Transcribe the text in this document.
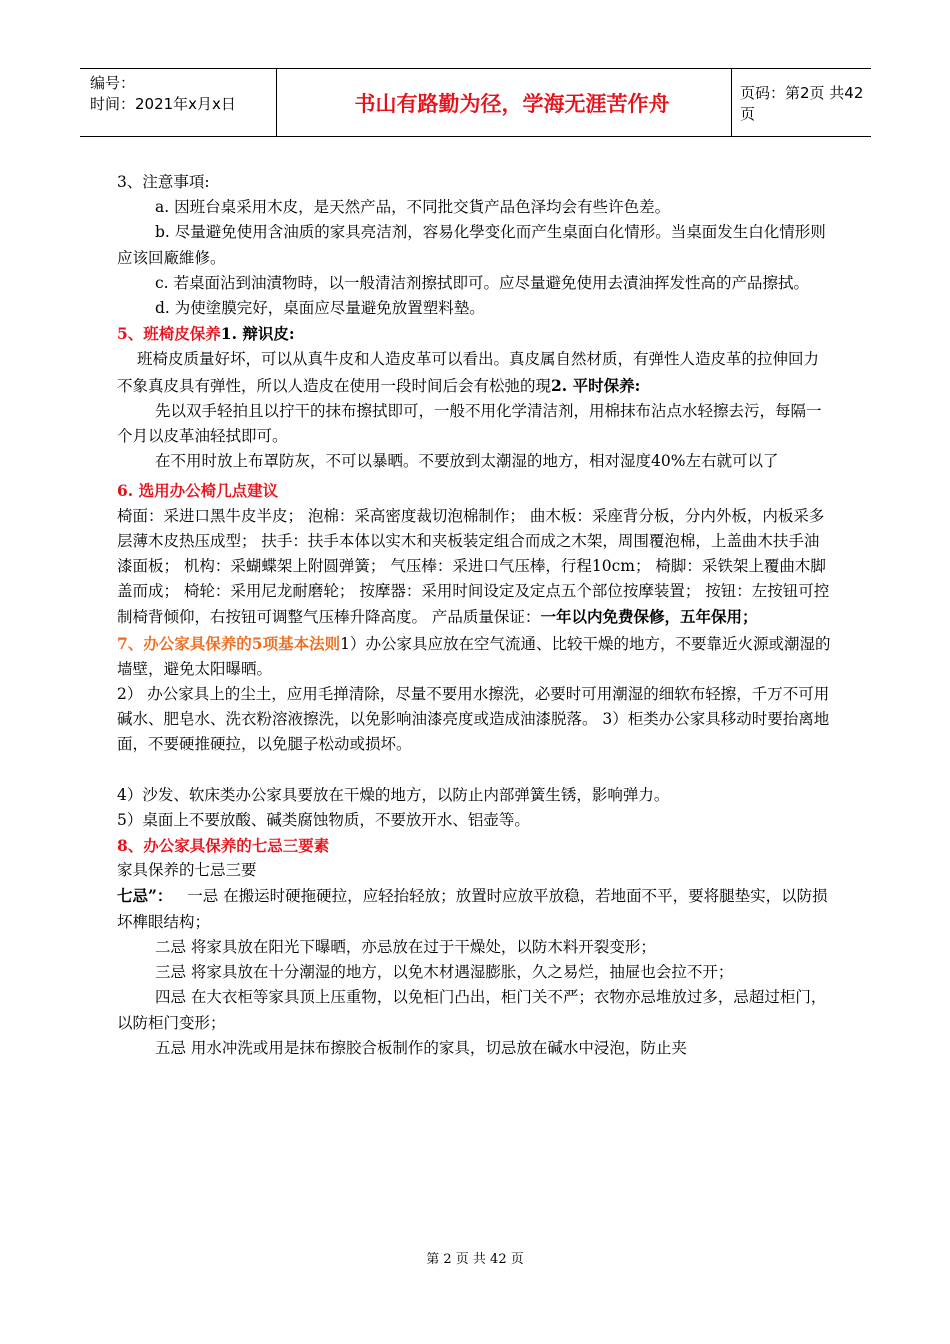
编号：
时间：2021年x月x日	书山有路勤为径，学海无涯苦作舟	页码：第2页 共42页

3、注意事項:

a. 因班台桌采用木皮，是天然产品，不同批交貨产品色泽均会有些许色差。

b. 尽量避免使用含油质的家具亮洁剂，容易化學变化而产生桌面白化情形。当桌面发生白化情形则应该回廠維修。

c. 若桌面沾到油漬物時，以一般清洁剂擦拭即可。应尽量避免使用去漬油挥发性高的产品擦拭。

d. 为使塗膜完好，桌面应尽量避免放置塑料墊。

5、班椅皮保养1. 辩识皮:

班椅皮质量好坏，可以从真牛皮和人造皮革可以看出。真皮属自然材质，有弹性人造皮革的拉伸回力不象真皮具有弹性，所以人造皮在使用一段时间后会有松弛的現2. 平时保养:

先以双手轻拍且以拧干的抹布擦拭即可，一般不用化学清洁剂，用棉抹布沾点水轻擦去污，每隔一个月以皮革油轻拭即可。

在不用时放上布罩防灰，不可以暴晒。不要放到太潮湿的地方，相对湿度40%左右就可以了

6. 选用办公椅几点建议

椅面：采进口黑牛皮半皮； 泡棉：采高密度裁切泡棉制作； 曲木板：采座背分板，分内外板，内板采多层薄木皮热压成型； 扶手：扶手本体以实木和夹板装定组合而成之木架，周围覆泡棉，上盖曲木扶手油漆面板； 机构：采蝴蝶架上附圆弹簧； 气压棒：采进口气压棒，行程10cm； 椅脚：采铁架上覆曲木脚盖而成； 椅轮：采用尼龙耐磨轮； 按摩器：采用时间设定及定点五个部位按摩装置； 按钮：左按钮可控制椅背倾仰，右按钮可调整气压棒升降高度。 产品质量保证：一年以内免费保修，五年保用；

7、办公家具保养的5项基本法则1）办公家具应放在空气流通、比较干燥的地方，不要靠近火源或潮湿的墙壁，避免太阳曝晒。

2） 办公家具上的尘土，应用毛掸清除，尽量不要用水擦洗，必要时可用潮湿的细软布轻擦，千万不可用碱水、肥皂水、洗衣粉溶液擦洗，以免影响油漆亮度或造成油漆脱落。 3）柜类办公家具移动时要抬离地面，不要硬推硬拉，以免腿子松动或损坏。

4）沙发、软床类办公家具要放在干燥的地方，以防止内部弹簧生锈，影响弹力。

5）桌面上不要放酸、碱类腐蚀物质，不要放开水、铝壶等。

8、办公家具保养的七忌三要素

家具保养的七忌三要

七忌”： 一忌 在搬运时硬拖硬拉，应轻抬轻放；放置时应放平放稳，若地面不平，要将腿垫实，以防损坏榫眼结构；

二忌 将家具放在阳光下曝晒，亦忌放在过于干燥处，以防木料开裂变形；

三忌 将家具放在十分潮湿的地方，以免木材遇湿膨胀，久之易烂，抽屉也会拉不开；

四忌 在大衣柜等家具顶上压重物，以免柜门凸出，柜门关不严；衣物亦忌堆放过多，忌超过柜门，以防柜门变形；

五忌 用水冲洗或用是抹布擦胶合板制作的家具，切忌放在碱水中浸泡，防止夹

第 2 页 共 42 页
